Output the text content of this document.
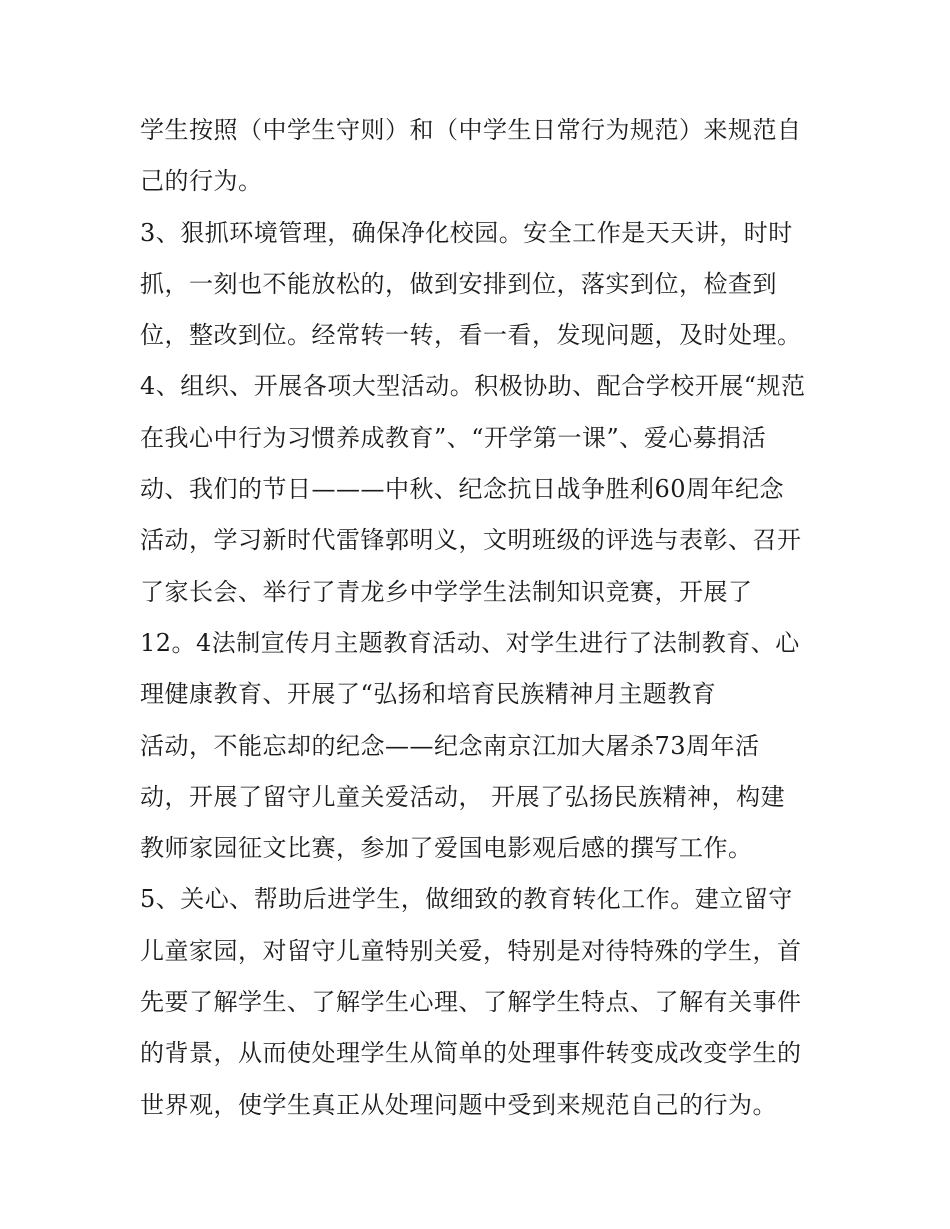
学生按照（中学生守则）和（中学生日常行为规范）来规范自
己的行为。
3、狠抓环境管理，确保净化校园。安全工作是天天讲，时时
抓，一刻也不能放松的，做到安排到位，落实到位，检查到
位，整改到位。经常转一转，看一看，发现问题，及时处理。
4、组织、开展各项大型活动。积极协助、配合学校开展“规范
在我心中行为习惯养成教育”、“开学第一课”、爱心募捐活
动、我们的节日———中秋、纪念抗日战争胜利60周年纪念
活动，学习新时代雷锋郭明义，文明班级的评选与表彰、召开
了家长会、举行了青龙乡中学学生法制知识竞赛，开展了
12。4法制宣传月主题教育活动、对学生进行了法制教育、心
理健康教育、开展了“弘扬和培育民族精神月主题教育
活动，不能忘却的纪念——纪念南京江加大屠杀73周年活
动，开展了留守儿童关爱活动， 开展了弘扬民族精神，构建
教师家园征文比赛，参加了爱国电影观后感的撰写工作。
5、关心、帮助后进学生，做细致的教育转化工作。建立留守
儿童家园，对留守儿童特别关爱，特别是对待特殊的学生，首
先要了解学生、了解学生心理、了解学生特点、了解有关事件
的背景，从而使处理学生从简单的处理事件转变成改变学生的
世界观，使学生真正从处理问题中受到来规范自己的行为。
